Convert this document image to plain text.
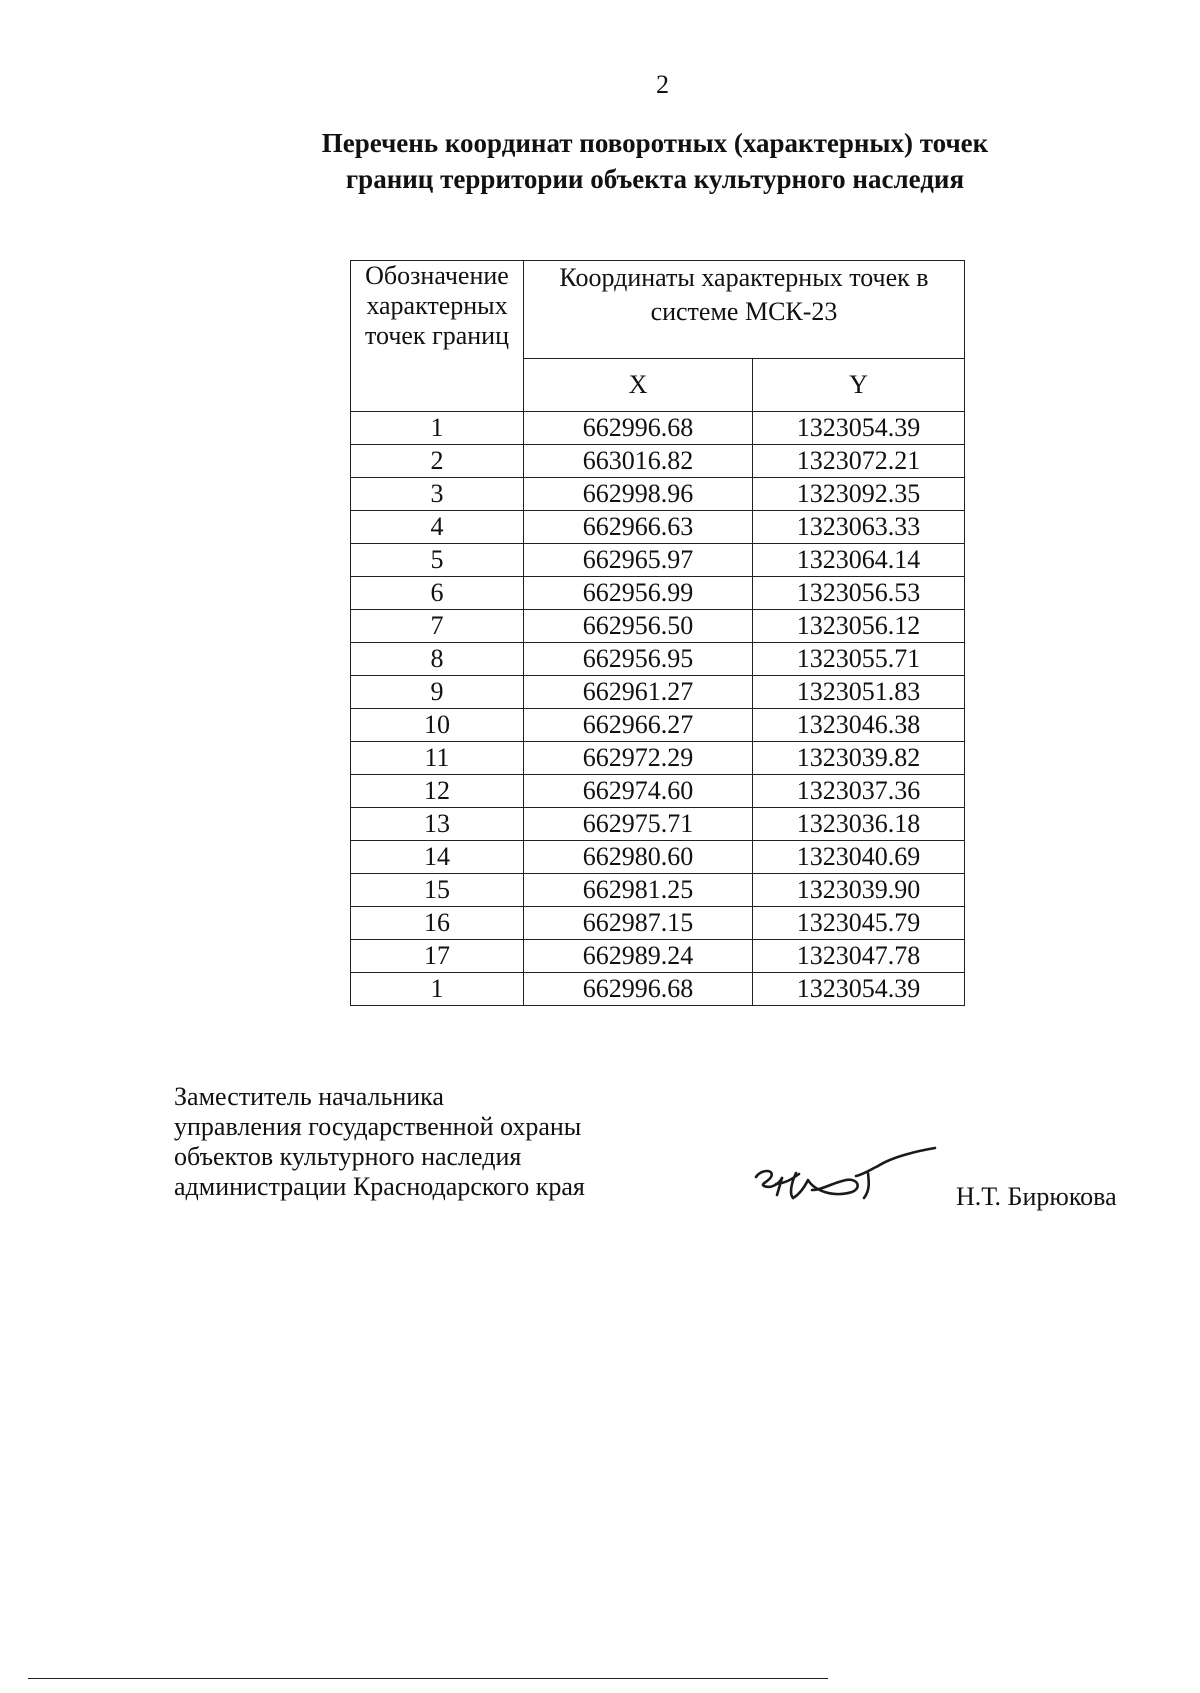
2
Перечень координат поворотных (характерных) точек
границ территории объекта культурного наследия
Обозначение характерных точек границ	Координаты характерных точек в системе МСК-23	
	X	Y
1	662996.68	1323054.39
2	663016.82	1323072.21
3	662998.96	1323092.35
4	662966.63	1323063.33
5	662965.97	1323064.14
6	662956.99	1323056.53
7	662956.50	1323056.12
8	662956.95	1323055.71
9	662961.27	1323051.83
10	662966.27	1323046.38
11	662972.29	1323039.82
12	662974.60	1323037.36
13	662975.71	1323036.18
14	662980.60	1323040.69
15	662981.25	1323039.90
16	662987.15	1323045.79
17	662989.24	1323047.78
1	662996.68	1323054.39
Заместитель начальника
управления государственной охраны
объектов культурного наследия
администрации Краснодарского края	Н.Т. Бирюкова
